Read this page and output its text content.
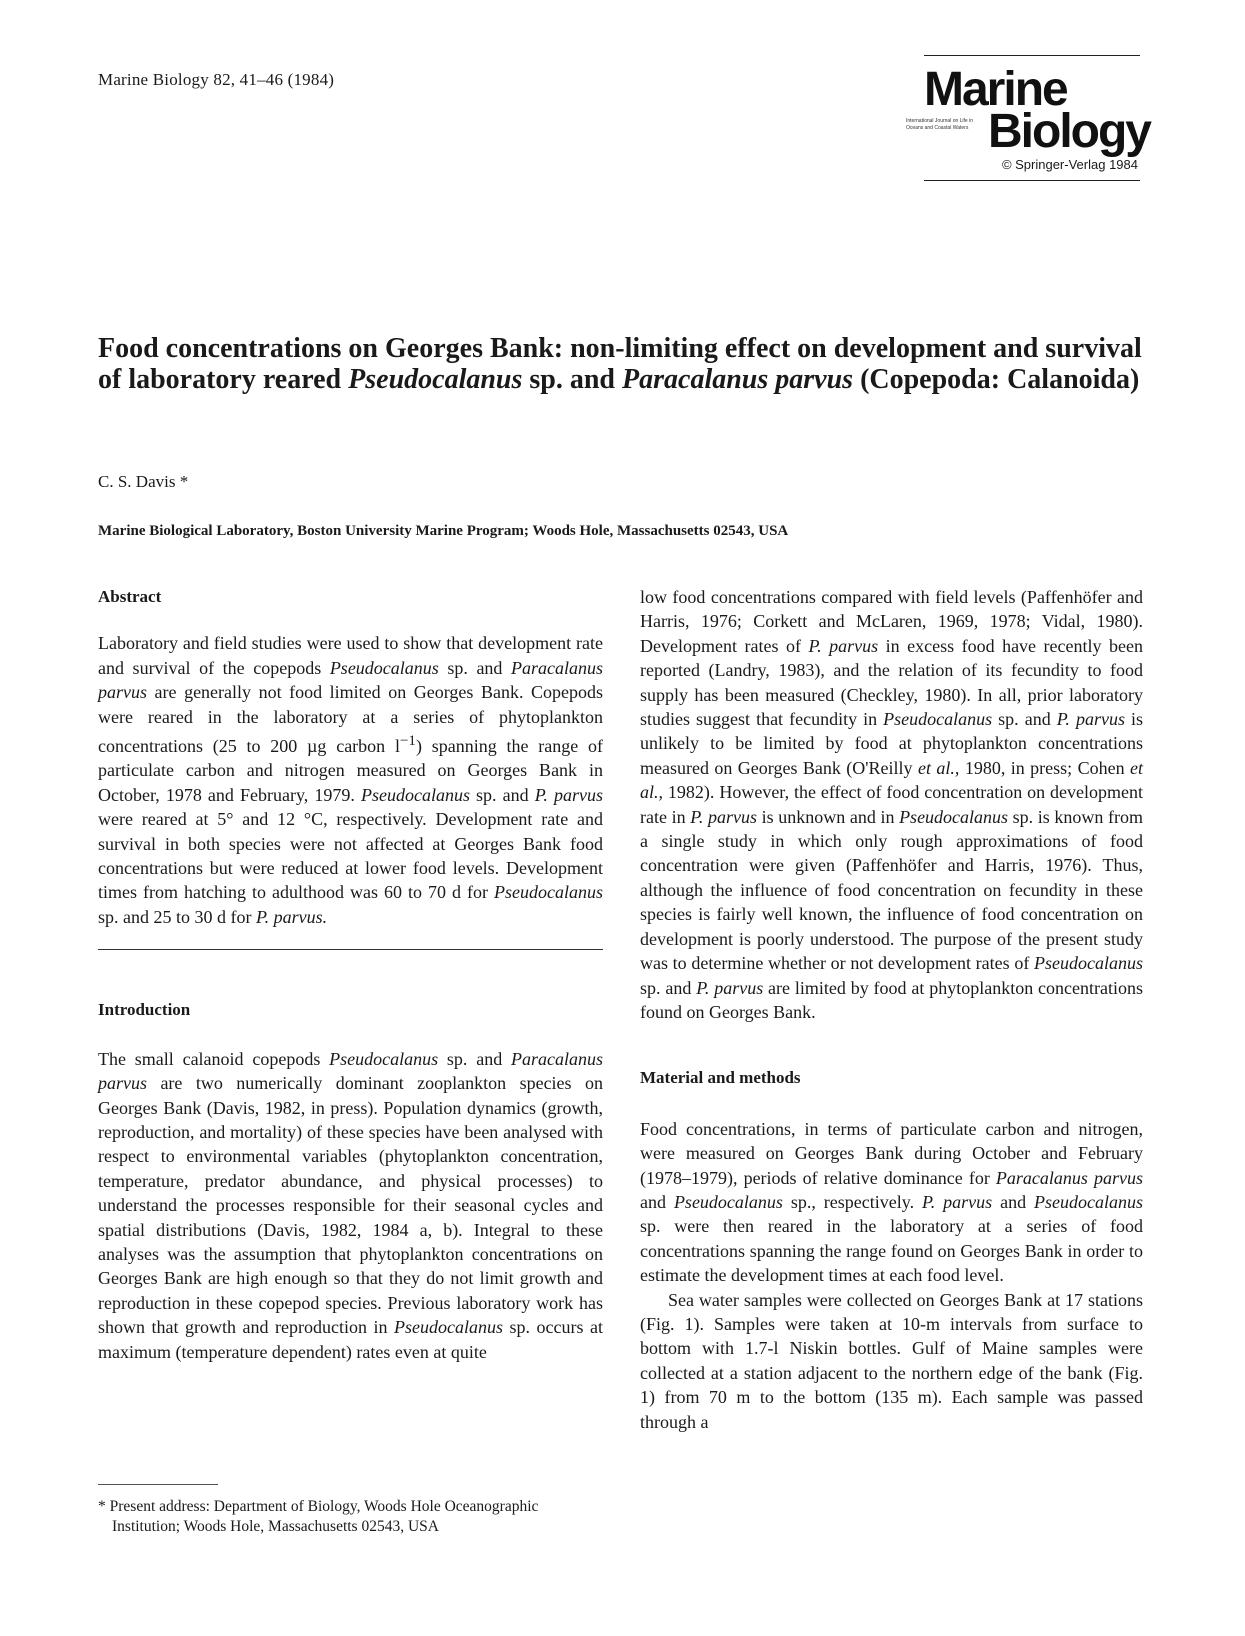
Marine Biology 82, 41–46 (1984)	Marine
International Journal on Life in Oceans and Coastal Waters Biology
© Springer-Verlag 1984
Food concentrations on Georges Bank: non-limiting effect on development and survival of laboratory reared Pseudocalanus sp. and Paracalanus parvus (Copepoda: Calanoida)
C. S. Davis *
Marine Biological Laboratory, Boston University Marine Program; Woods Hole, Massachusetts 02543, USA

Abstract

Laboratory and field studies were used to show that development rate and survival of the copepods Pseudocalanus sp. and Paracalanus parvus are generally not food limited on Georges Bank. Copepods were reared in the laboratory at a series of phytoplankton concentrations (25 to 200 µg carbon $l^{-1}$) spanning the range of particulate carbon and nitrogen measured on Georges Bank in October, 1978 and February, 1979. Pseudocalanus sp. and P. parvus were reared at 5° and 12 °C, respectively. Development rate and survival in both species were not affected at Georges Bank food concentrations but were reduced at lower food levels. Development times from hatching to adulthood was 60 to 70 d for Pseudocalanus sp. and 25 to 30 d for P. parvus.

Introduction

The small calanoid copepods Pseudocalanus sp. and Paracalanus parvus are two numerically dominant zooplankton species on Georges Bank (Davis, 1982, in press). Population dynamics (growth, reproduction, and mortality) of these species have been analysed with respect to environmental variables (phytoplankton concentration, temperature, predator abundance, and physical processes) to understand the processes responsible for their seasonal cycles and spatial distributions (Davis, 1982, 1984 a, b). Integral to these analyses was the assumption that phytoplankton concentrations on Georges Bank are high enough so that they do not limit growth and reproduction in these copepod species. Previous laboratory work has shown that growth and reproduction in Pseudocalanus sp. occurs at maximum (temperature dependent) rates even at quite

* Present address: Department of Biology, Woods Hole Oceanographic Institution; Woods Hole, Massachusetts 02543, USA

low food concentrations compared with field levels (Paffenhöfer and Harris, 1976; Corkett and McLaren, 1969, 1978; Vidal, 1980). Development rates of P. parvus in excess food have recently been reported (Landry, 1983), and the relation of its fecundity to food supply has been measured (Checkley, 1980). In all, prior laboratory studies suggest that fecundity in Pseudocalanus sp. and P. parvus is unlikely to be limited by food at phytoplankton concentrations measured on Georges Bank (O'Reilly et al., 1980, in press; Cohen et al., 1982). However, the effect of food concentration on development rate in P. parvus is unknown and in Pseudocalanus sp. is known from a single study in which only rough approximations of food concentration were given (Paffenhöfer and Harris, 1976). Thus, although the influence of food concentration on fecundity in these species is fairly well known, the influence of food concentration on development is poorly understood. The purpose of the present study was to determine whether or not development rates of Pseudocalanus sp. and P. parvus are limited by food at phytoplankton concentrations found on Georges Bank.

Material and methods

Food concentrations, in terms of particulate carbon and nitrogen, were measured on Georges Bank during October and February (1978–1979), periods of relative dominance for Paracalanus parvus and Pseudocalanus sp., respectively. P. parvus and Pseudocalanus sp. were then reared in the laboratory at a series of food concentrations spanning the range found on Georges Bank in order to estimate the development times at each food level.

Sea water samples were collected on Georges Bank at 17 stations (Fig. 1). Samples were taken at 10-m intervals from surface to bottom with 1.7-l Niskin bottles. Gulf of Maine samples were collected at a station adjacent to the northern edge of the bank (Fig. 1) from 70 m to the bottom (135 m). Each sample was passed through a
